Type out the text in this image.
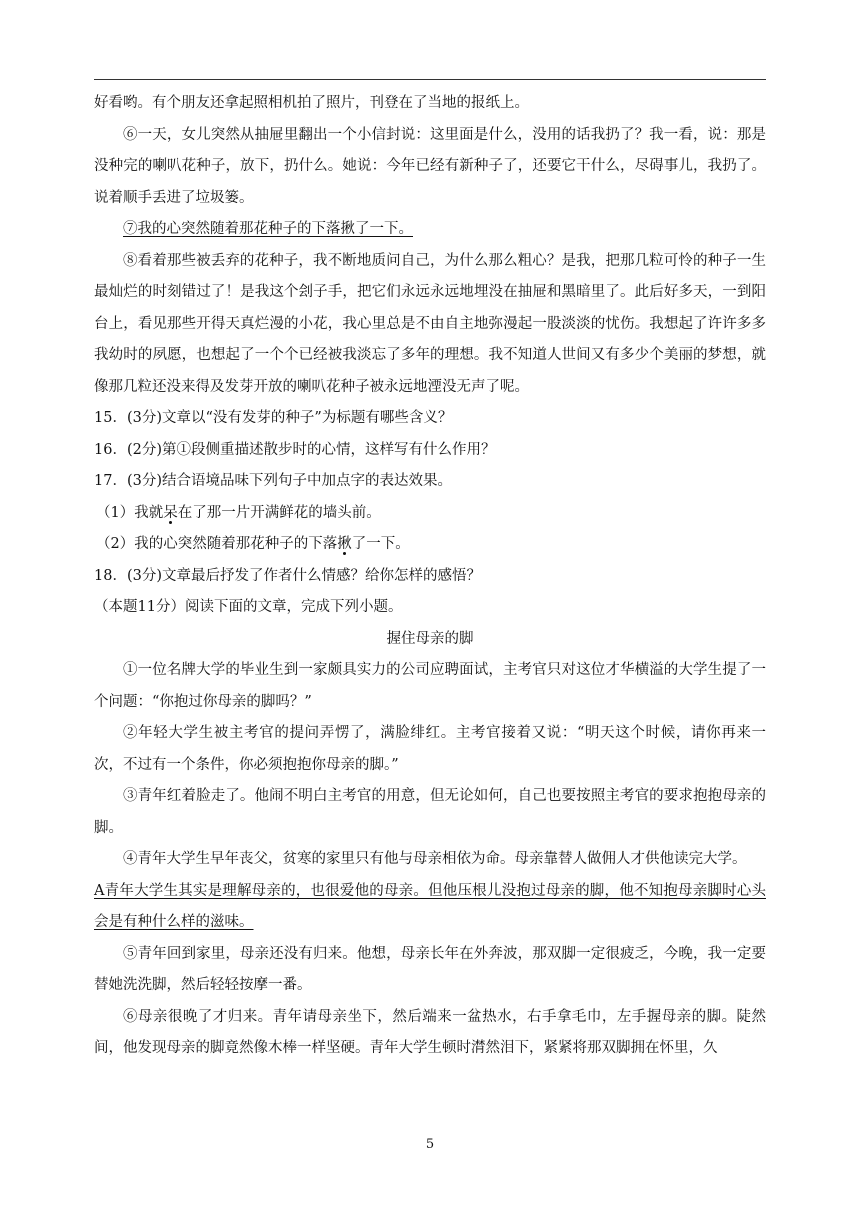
好看哟。有个朋友还拿起照相机拍了照片，刊登在了当地的报纸上。

⑥一天，女儿突然从抽屉里翻出一个小信封说：这里面是什么，没用的话我扔了？我一看，说：那是没种完的喇叭花种子，放下，扔什么。她说：今年已经有新种子了，还要它干什么，尽碍事儿，我扔了。说着顺手丢进了垃圾篓。

⑦我的心突然随着那花种子的下落揪了一下。

⑧看着那些被丢弃的花种子，我不断地质问自己，为什么那么粗心？是我，把那几粒可怜的种子一生最灿烂的时刻错过了！是我这个刽子手，把它们永远永远地埋没在抽屉和黑暗里了。此后好多天，一到阳台上，看见那些开得天真烂漫的小花，我心里总是不由自主地弥漫起一股淡淡的忧伤。我想起了许许多多我幼时的夙愿，也想起了一个个已经被我淡忘了多年的理想。我不知道人世间又有多少个美丽的梦想，就像那几粒还没来得及发芽开放的喇叭花种子被永远地湮没无声了呢。

15．(3分)文章以“没有发芽的种子”为标题有哪些含义？

16．(2分)第①段侧重描述散步时的心情，这样写有什么作用？

17．(3分)结合语境品味下列句子中加点字的表达效果。

（1）我就呆在了那一片开满鲜花的墙头前。

（2）我的心突然随着那花种子的下落揪了一下。

18．(3分)文章最后抒发了作者什么情感？给你怎样的感悟？

（本题11分）阅读下面的文章，完成下列小题。

握住母亲的脚

①一位名牌大学的毕业生到一家颇具实力的公司应聘面试，主考官只对这位才华横溢的大学生提了一个问题：“你抱过你母亲的脚吗？”

②年轻大学生被主考官的提问弄愣了，满脸绯红。主考官接着又说：“明天这个时候，请你再来一次，不过有一个条件，你必须抱抱你母亲的脚。”

③青年红着脸走了。他闹不明白主考官的用意，但无论如何，自己也要按照主考官的要求抱抱母亲的脚。

④青年大学生早年丧父，贫寒的家里只有他与母亲相依为命。母亲靠替人做佣人才供他读完大学。

A青年大学生其实是理解母亲的，也很爱他的母亲。但他压根儿没抱过母亲的脚，他不知抱母亲脚时心头会是有种什么样的滋味。

⑤青年回到家里，母亲还没有归来。他想，母亲长年在外奔波，那双脚一定很疲乏，今晚，我一定要替她洗洗脚，然后轻轻按摩一番。

⑥母亲很晚了才归来。青年请母亲坐下，然后端来一盆热水，右手拿毛巾，左手握母亲的脚。陡然间，他发现母亲的脚竟然像木棒一样坚硬。青年大学生顿时潸然泪下，紧紧将那双脚拥在怀里，久

5
